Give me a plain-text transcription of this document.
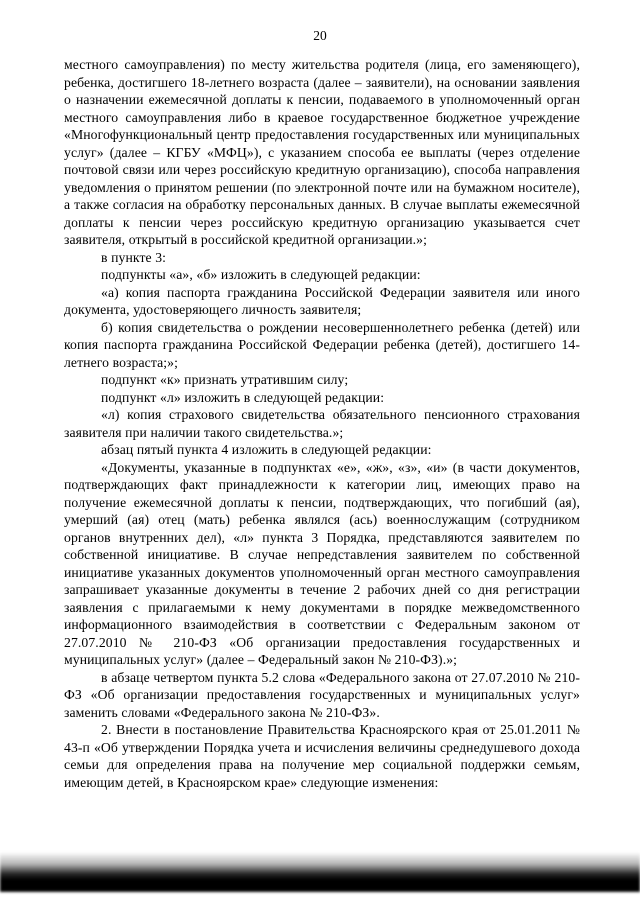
20

местного самоуправления) по месту жительства родителя (лица, его заменяющего), ребенка, достигшего 18-летнего возраста (далее – заявители), на основании заявления о назначении ежемесячной доплаты к пенсии, подаваемого в уполномоченный орган местного самоуправления либо в краевое государственное бюджетное учреждение «Многофункциональный центр предоставления государственных или муниципальных услуг» (далее – КГБУ «МФЦ»), с указанием способа ее выплаты (через отделение почтовой связи или через российскую кредитную организацию), способа направления уведомления о принятом решении (по электронной почте или на бумажном носителе), а также согласия на обработку персональных данных. В случае выплаты ежемесячной доплаты к пенсии через российскую кредитную организацию указывается счет заявителя, открытый в российской кредитной организации.»;

в пункте 3:

подпункты «а», «б» изложить в следующей редакции:

«а) копия паспорта гражданина Российской Федерации заявителя или иного документа, удостоверяющего личность заявителя;

б) копия свидетельства о рождении несовершеннолетнего ребенка (детей) или копия паспорта гражданина Российской Федерации ребенка (детей), достигшего 14-летнего возраста;»;

подпункт «к» признать утратившим силу;

подпункт «л» изложить в следующей редакции:

«л) копия страхового свидетельства обязательного пенсионного страхования заявителя при наличии такого свидетельства.»;

абзац пятый пункта 4 изложить в следующей редакции:

«Документы, указанные в подпунктах «е», «ж», «з», «и» (в части документов, подтверждающих факт принадлежности к категории лиц, имеющих право на получение ежемесячной доплаты к пенсии, подтверждающих, что погибший (ая), умерший (ая) отец (мать) ребенка являлся (ась) военнослужащим (сотрудником органов внутренних дел), «л» пункта 3 Порядка, представляются заявителем по собственной инициативе. В случае непредставления заявителем по собственной инициативе указанных документов уполномоченный орган местного самоуправления запрашивает указанные документы в течение 2 рабочих дней со дня регистрации заявления с прилагаемыми к нему документами в порядке межведомственного информационного взаимодействия в соответствии с Федеральным законом от 27.07.2010 № 210-ФЗ «Об организации предоставления государственных и муниципальных услуг» (далее – Федеральный закон № 210-ФЗ).»;

в абзаце четвертом пункта 5.2 слова «Федерального закона от 27.07.2010 № 210-ФЗ «Об организации предоставления государственных и муниципальных услуг» заменить словами «Федерального закона № 210-ФЗ».

2. Внести в постановление Правительства Красноярского края от 25.01.2011 № 43-п «Об утверждении Порядка учета и исчисления величины среднедушевого дохода семьи для определения права на получение мер социальной поддержки семьям, имеющим детей, в Красноярском крае» следующие изменения:
